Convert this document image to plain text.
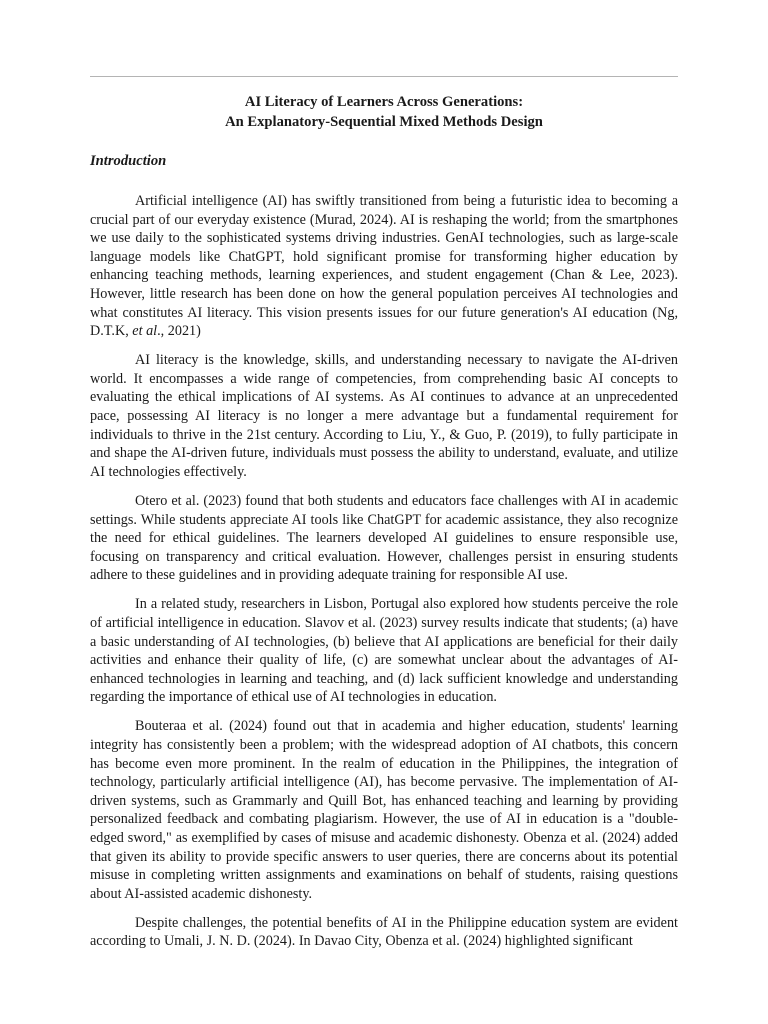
AI Literacy of Learners Across Generations:
An Explanatory-Sequential Mixed Methods Design
Introduction

Artificial intelligence (AI) has swiftly transitioned from being a futuristic idea to becoming a crucial part of our everyday existence (Murad, 2024). AI is reshaping the world; from the smartphones we use daily to the sophisticated systems driving industries. GenAI technologies, such as large-scale language models like ChatGPT, hold significant promise for transforming higher education by enhancing teaching methods, learning experiences, and student engagement (Chan & Lee, 2023). However, little research has been done on how the general population perceives AI technologies and what constitutes AI literacy. This vision presents issues for our future generation's AI education (Ng, D.T.K, et al., 2021)

AI literacy is the knowledge, skills, and understanding necessary to navigate the AI-driven world. It encompasses a wide range of competencies, from comprehending basic AI concepts to evaluating the ethical implications of AI systems. As AI continues to advance at an unprecedented pace, possessing AI literacy is no longer a mere advantage but a fundamental requirement for individuals to thrive in the 21st century. According to Liu, Y., & Guo, P. (2019), to fully participate in and shape the AI-driven future, individuals must possess the ability to understand, evaluate, and utilize AI technologies effectively.

Otero et al. (2023) found that both students and educators face challenges with AI in academic settings. While students appreciate AI tools like ChatGPT for academic assistance, they also recognize the need for ethical guidelines. The learners developed AI guidelines to ensure responsible use, focusing on transparency and critical evaluation. However, challenges persist in ensuring students adhere to these guidelines and in providing adequate training for responsible AI use.

In a related study, researchers in Lisbon, Portugal also explored how students perceive the role of artificial intelligence in education. Slavov et al. (2023) survey results indicate that students; (a) have a basic understanding of AI technologies, (b) believe that AI applications are beneficial for their daily activities and enhance their quality of life, (c) are somewhat unclear about the advantages of AI-enhanced technologies in learning and teaching, and (d) lack sufficient knowledge and understanding regarding the importance of ethical use of AI technologies in education.

Bouteraa et al. (2024) found out that in academia and higher education, students' learning integrity has consistently been a problem; with the widespread adoption of AI chatbots, this concern has become even more prominent. In the realm of education in the Philippines, the integration of technology, particularly artificial intelligence (AI), has become pervasive. The implementation of AI-driven systems, such as Grammarly and Quill Bot, has enhanced teaching and learning by providing personalized feedback and combating plagiarism. However, the use of AI in education is a "double-edged sword," as exemplified by cases of misuse and academic dishonesty. Obenza et al. (2024) added that given its ability to provide specific answers to user queries, there are concerns about its potential misuse in completing written assignments and examinations on behalf of students, raising questions about AI-assisted academic dishonesty.

Despite challenges, the potential benefits of AI in the Philippine education system are evident according to Umali, J. N. D. (2024). In Davao City, Obenza et al. (2024) highlighted significant
